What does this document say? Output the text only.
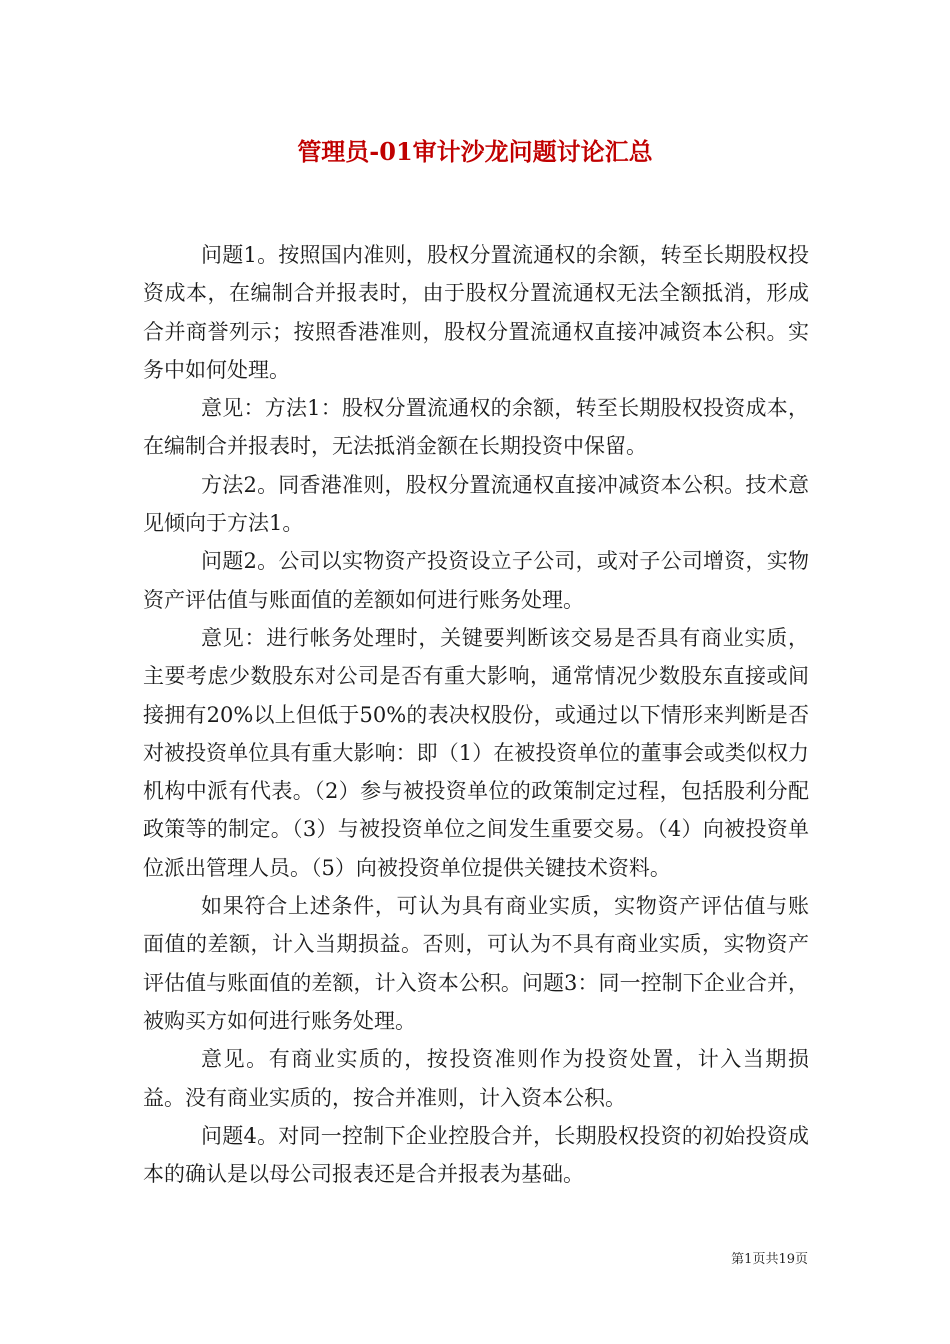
管理员-01审计沙龙问题讨论汇总

问题1。按照国内准则，股权分置流通权的余额，转至长期股权投资成本，在编制合并报表时，由于股权分置流通权无法全额抵消，形成合并商誉列示；按照香港准则，股权分置流通权直接冲减资本公积。实务中如何处理。

意见：方法1：股权分置流通权的余额，转至长期股权投资成本，在编制合并报表时，无法抵消金额在长期投资中保留。

方法2。同香港准则，股权分置流通权直接冲减资本公积。技术意见倾向于方法1。

问题2。公司以实物资产投资设立子公司，或对子公司增资，实物资产评估值与账面值的差额如何进行账务处理。

意见：进行帐务处理时，关键要判断该交易是否具有商业实质，主要考虑少数股东对公司是否有重大影响，通常情况少数股东直接或间接拥有20%以上但低于50%的表决权股份，或通过以下情形来判断是否对被投资单位具有重大影响：即（1）在被投资单位的董事会或类似权力机构中派有代表。（2）参与被投资单位的政策制定过程，包括股利分配政策等的制定。（3）与被投资单位之间发生重要交易。（4）向被投资单位派出管理人员。（5）向被投资单位提供关键技术资料。

如果符合上述条件，可认为具有商业实质，实物资产评估值与账面值的差额，计入当期损益。否则，可认为不具有商业实质，实物资产评估值与账面值的差额，计入资本公积。问题3：同一控制下企业合并，被购买方如何进行账务处理。

意见。有商业实质的，按投资准则作为投资处置，计入当期损益。没有商业实质的，按合并准则，计入资本公积。

问题4。对同一控制下企业控股合并，长期股权投资的初始投资成本的确认是以母公司报表还是合并报表为基础。

第1页共19页
